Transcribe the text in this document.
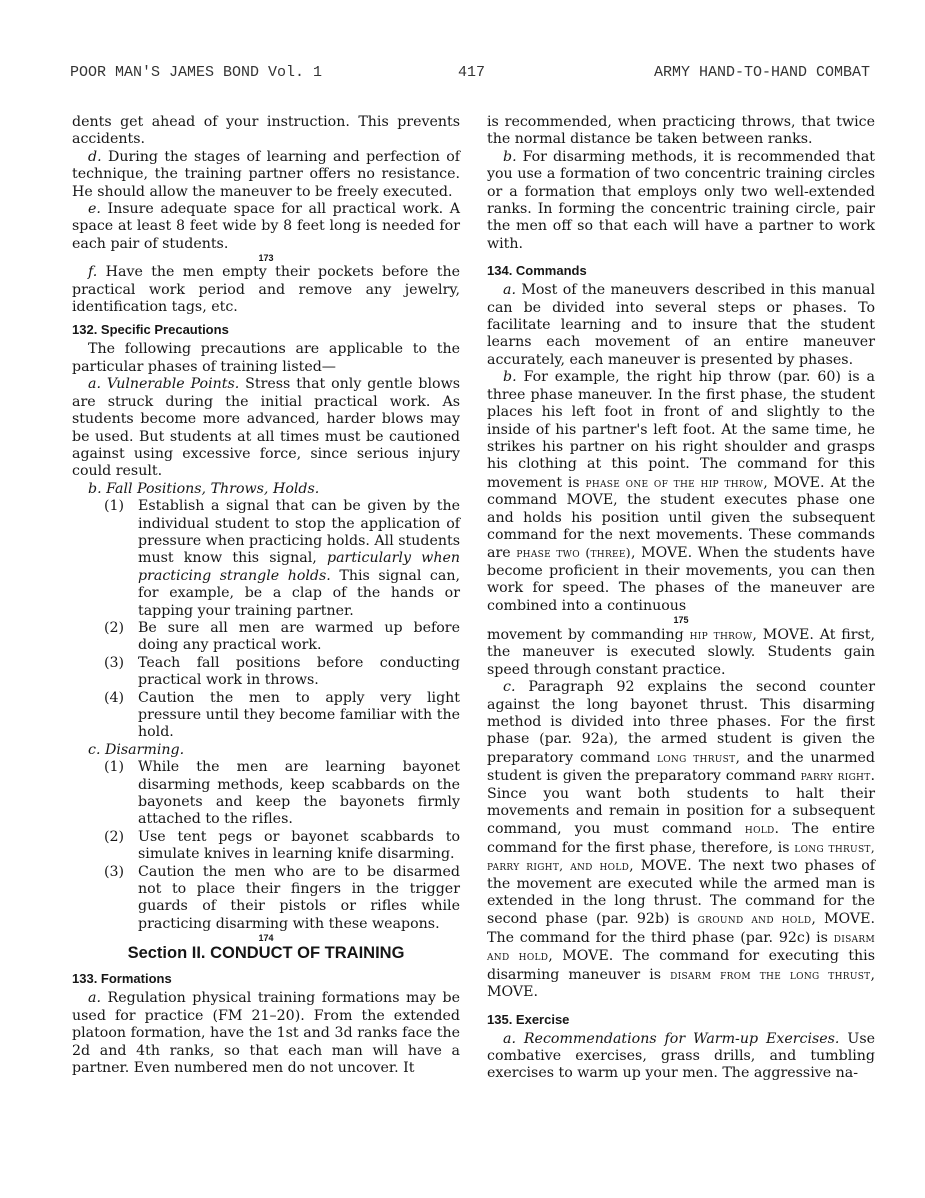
POOR MAN'S JAMES BOND Vol. 1	417	ARMY HAND-TO-HAND COMBAT

dents get ahead of your instruction. This prevents accidents.

d. During the stages of learning and perfection of technique, the training partner offers no resistance. He should allow the maneuver to be freely executed.

e. Insure adequate space for all practical work. A space at least 8 feet wide by 8 feet long is needed for each pair of students.

173

f. Have the men empty their pockets before the practical work period and remove any jewelry, identification tags, etc.

132. Specific Precautions

The following precautions are applicable to the particular phases of training listed—

a. Vulnerable Points. Stress that only gentle blows are struck during the initial practical work. As students become more advanced, harder blows may be used. But students at all times must be cautioned against using excessive force, since serious injury could result.

b. Fall Positions, Throws, Holds.

(1) Establish a signal that can be given by the individual student to stop the application of pressure when practicing holds. All students must know this signal, particularly when practicing strangle holds. This signal can, for example, be a clap of the hands or tapping your training partner.

(2) Be sure all men are warmed up before doing any practical work.

(3) Teach fall positions before conducting practical work in throws.

(4) Caution the men to apply very light pressure until they become familiar with the hold.

c. Disarming.

(1) While the men are learning bayonet disarming methods, keep scabbards on the bayonets and keep the bayonets firmly attached to the rifles.

(2) Use tent pegs or bayonet scabbards to simulate knives in learning knife disarming.

(3) Caution the men who are to be disarmed not to place their fingers in the trigger guards of their pistols or rifles while practicing disarming with these weapons.

174
Section II. CONDUCT OF TRAINING
133. Formations

a. Regulation physical training formations may be used for practice (FM 21–20). From the extended platoon formation, have the 1st and 3d ranks face the 2d and 4th ranks, so that each man will have a partner. Even numbered men do not uncover. It

is recommended, when practicing throws, that twice the normal distance be taken between ranks.

b. For disarming methods, it is recommended that you use a formation of two concentric training circles or a formation that employs only two well-extended ranks. In forming the concentric training circle, pair the men off so that each will have a partner to work with.

134. Commands

a. Most of the maneuvers described in this manual can be divided into several steps or phases. To facilitate learning and to insure that the student learns each movement of an entire maneuver accurately, each maneuver is presented by phases.

b. For example, the right hip throw (par. 60) is a three phase maneuver. In the first phase, the student places his left foot in front of and slightly to the inside of his partner's left foot. At the same time, he strikes his partner on his right shoulder and grasps his clothing at this point. The command for this movement is phase one of the hip throw, MOVE. At the command MOVE, the student executes phase one and holds his position until given the subsequent command for the next movements. These commands are phase two (three), MOVE. When the students have become proficient in their movements, you can then work for speed. The phases of the maneuver are combined into a continuous

175

movement by commanding hip throw, MOVE. At first, the maneuver is executed slowly. Students gain speed through constant practice.

c. Paragraph 92 explains the second counter against the long bayonet thrust. This disarming method is divided into three phases. For the first phase (par. 92a), the armed student is given the preparatory command long thrust, and the unarmed student is given the preparatory command parry right. Since you want both students to halt their movements and remain in position for a subsequent command, you must command hold. The entire command for the first phase, therefore, is long thrust, parry right, and hold, MOVE. The next two phases of the movement are executed while the armed man is extended in the long thrust. The command for the second phase (par. 92b) is ground and hold, MOVE. The command for the third phase (par. 92c) is disarm and hold, MOVE. The command for executing this disarming maneuver is disarm from the long thrust, MOVE.

135. Exercise

a. Recommendations for Warm-up Exercises. Use combative exercises, grass drills, and tumbling exercises to warm up your men. The aggressive na-
